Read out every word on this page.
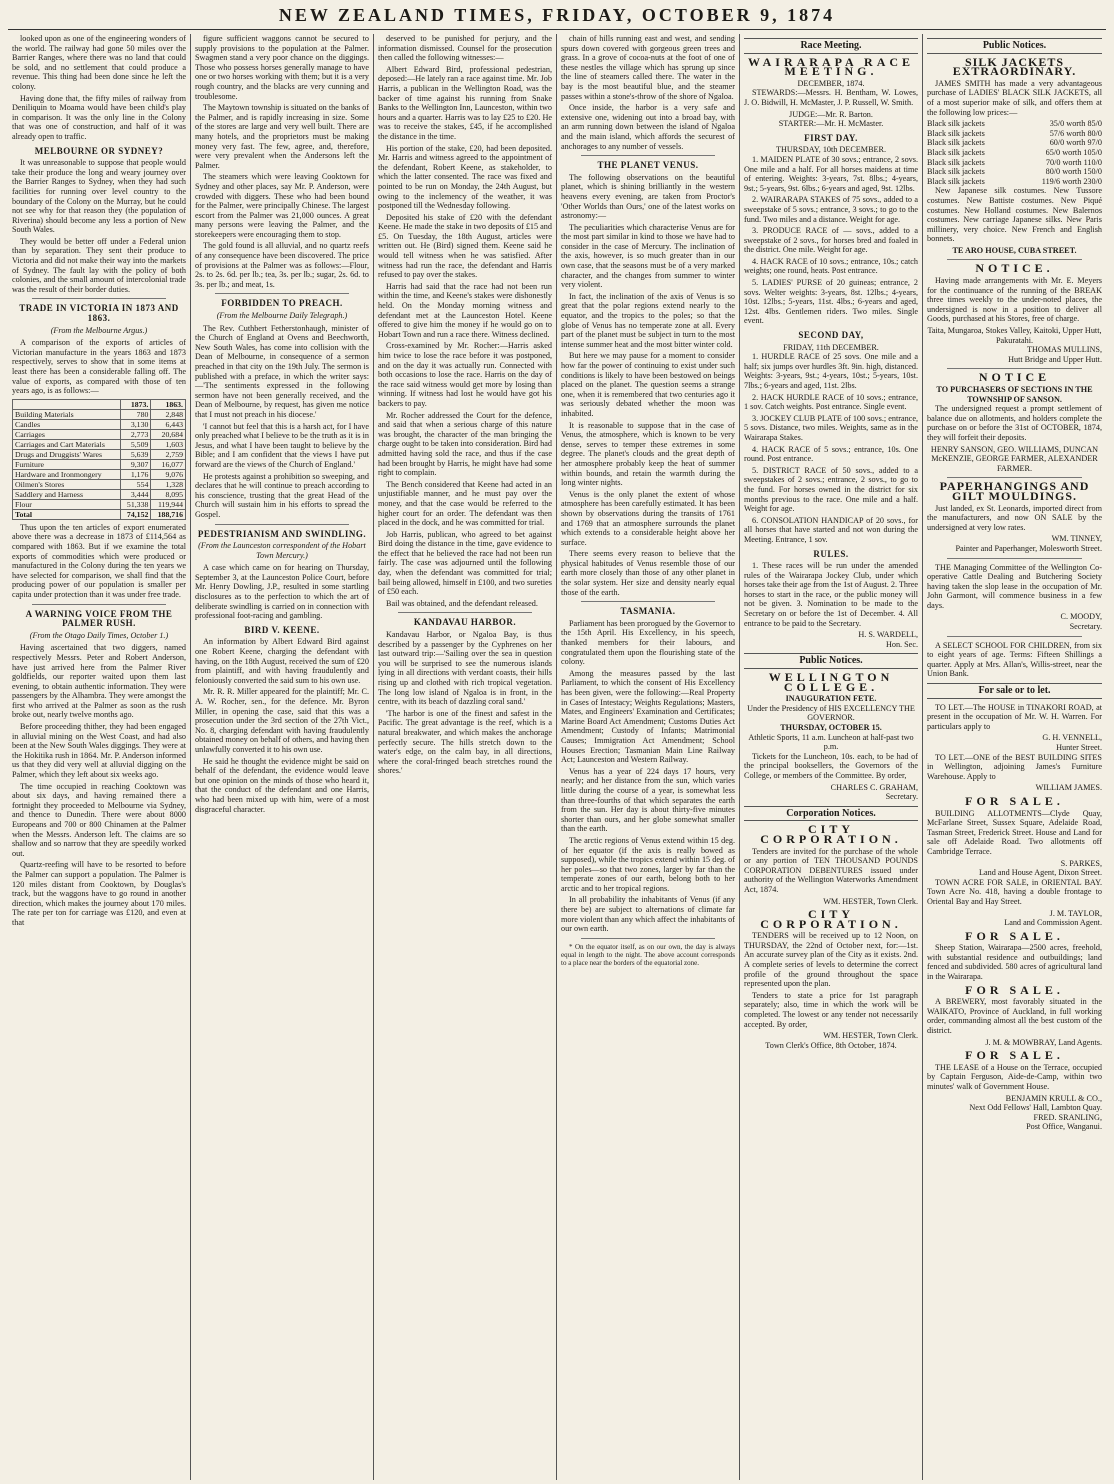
NEW ZEALAND TIMES, FRIDAY, OCTOBER 9, 1874

looked upon as one of the engineering wonders of the world. The railway had gone 50 miles over the Barrier Ranges, where there was no land that could be sold, and no settlement that could produce a revenue. This thing had been done since he left the colony.

Having done that, the fifty miles of railway from Deniliquin to Moama would have been child's play in comparison. It was the only line in the Colony that was one of construction, and half of it was already open to traffic.

MELBOURNE OR SYDNEY?

It was unreasonable to suppose that people would take their produce the long and weary journey over the Barrier Ranges to Sydney, when they had such facilities for running over level country to the boundary of the Colony on the Murray, but he could not see why for that reason they (the population of Riverina) should become any less a portion of New South Wales.

They would be better off under a Federal union than by separation. They sent their produce to Victoria and did not make their way into the markets of Sydney. The fault lay with the policy of both colonies, and the small amount of intercolonial trade was the result of their border duties.

TRADE IN VICTORIA IN 1873 AND 1863.
(From the Melbourne Argus.)

A comparison of the exports of articles of Victorian manufacture in the years 1863 and 1873 respectively, serves to show that in some items at least there has been a considerable falling off. The value of exports, as compared with those of ten years ago, is as follows:—

	1873.	1863.
Building Materials	780	2,848
Candles	3,130	6,443
Carriages	2,773	20,684
Carriages and Cart Materials	5,509	1,603
Drugs and Druggists' Wares	5,639	2,759
Furniture	9,307	16,077
Hardware and Ironmongery	1,176	9,076
Oilmen's Stores	554	1,328
Saddlery and Harness	3,444	8,095
Flour	51,338	119,944
Total	74,152	188,716

Thus upon the ten articles of export enumerated above there was a decrease in 1873 of £114,564 as compared with 1863. But if we examine the total exports of commodities which were produced or manufactured in the Colony during the ten years we have selected for comparison, we shall find that the producing power of our population is smaller per capita under protection than it was under free trade.

A WARNING VOICE FROM THE PALMER RUSH.
(From the Otago Daily Times, October 1.)

Having ascertained that two diggers, named respectively Messrs. Peter and Robert Anderson, have just arrived here from the Palmer River goldfields, our reporter waited upon them last evening, to obtain authentic information. They were passengers by the Alhambra. They were amongst the first who arrived at the Palmer as soon as the rush broke out, nearly twelve months ago.

Before proceeding thither, they had been engaged in alluvial mining on the West Coast, and had also been at the New South Wales diggings. They were at the Hokitika rush in 1864. Mr. P. Anderson informed us that they did very well at alluvial digging on the Palmer, which they left about six weeks ago.

The time occupied in reaching Cooktown was about six days, and having remained there a fortnight they proceeded to Melbourne via Sydney, and thence to Dunedin. There were about 8000 Europeans and 700 or 800 Chinamen at the Palmer when the Messrs. Anderson left. The claims are so shallow and so narrow that they are speedily worked out.

Quartz-reefing will have to be resorted to before the Palmer can support a population. The Palmer is 120 miles distant from Cooktown, by Douglas's track, but the waggons have to go round in another direction, which makes the journey about 170 miles. The rate per ton for carriage was £120, and even at that

figure sufficient waggons cannot be secured to supply provisions to the population at the Palmer. Swagmen stand a very poor chance on the diggings. Those who possess horses generally manage to have one or two horses working with them; but it is a very rough country, and the blacks are very cunning and troublesome.

The Maytown township is situated on the banks of the Palmer, and is rapidly increasing in size. Some of the stores are large and very well built. There are many hotels, and the proprietors must be making money very fast. The few, agree, and, therefore, were very prevalent when the Andersons left the Palmer.

The steamers which were leaving Cooktown for Sydney and other places, say Mr. P. Anderson, were crowded with diggers. These who had been bound for the Palmer, were principally Chinese. The largest escort from the Palmer was 21,000 ounces. A great many persons were leaving the Palmer, and the storekeepers were encouraging them to stop.

The gold found is all alluvial, and no quartz reefs of any consequence have been discovered. The price of provisions at the Palmer was as follows:—Flour, 2s. to 2s. 6d. per lb.; tea, 3s. per lb.; sugar, 2s. 6d. to 3s. per lb.; and meat, 1s.

FORBIDDEN TO PREACH.
(From the Melbourne Daily Telegraph.)

The Rev. Cuthbert Fetherstonhaugh, minister of the Church of England at Ovens and Beechworth, New South Wales, has come into collision with the Dean of Melbourne, in consequence of a sermon preached in that city on the 19th July. The sermon is published with a preface, in which the writer says:—'The sentiments expressed in the following sermon have not been generally received, and the Dean of Melbourne, by request, has given me notice that I must not preach in his diocese.'

'I cannot but feel that this is a harsh act, for I have only preached what I believe to be the truth as it is in Jesus, and what I have been taught to believe by the Bible; and I am confident that the views I have put forward are the views of the Church of England.'

He protests against a prohibition so sweeping, and declares that he will continue to preach according to his conscience, trusting that the great Head of the Church will sustain him in his efforts to spread the Gospel.

PEDESTRIANISM AND SWINDLING.
(From the Launceston correspondent of the Hobart Town Mercury.)

A case which came on for hearing on Thursday, September 3, at the Launceston Police Court, before Mr. Henry Dowling, J.P., resulted in some startling disclosures as to the perfection to which the art of deliberate swindling is carried on in connection with professional foot-racing and gambling.

BIRD V. KEENE.

An information by Albert Edward Bird against one Robert Keene, charging the defendant with having, on the 18th August, received the sum of £20 from plaintiff, and with having fraudulently and feloniously converted the said sum to his own use.

Mr. R. R. Miller appeared for the plaintiff; Mr. C. A. W. Rocher, sen., for the defence. Mr. Byron Miller, in opening the case, said that this was a prosecution under the 3rd section of the 27th Vict., No. 8, charging defendant with having fraudulently obtained money on behalf of others, and having then unlawfully converted it to his own use.

He said he thought the evidence might be said on behalf of the defendant, the evidence would leave but one opinion on the minds of those who heard it, that the conduct of the defendant and one Harris, who had been mixed up with him, were of a most disgraceful character.

deserved to be punished for perjury, and the information dismissed. Counsel for the prosecution then called the following witnesses:—

Albert Edward Bird, professional pedestrian, deposed:—He lately ran a race against time. Mr. Job Harris, a publican in the Wellington Road, was the backer of time against his running from Snake Banks to the Wellington Inn, Launceston, within two hours and a quarter. Harris was to lay £25 to £20. He was to receive the stakes, £45, if he accomplished the distance in the time.

His portion of the stake, £20, had been deposited. Mr. Harris and witness agreed to the appointment of the defendant, Robert Keene, as stakeholder, to which the latter consented. The race was fixed and pointed to be run on Monday, the 24th August, but owing to the inclemency of the weather, it was postponed till the Wednesday following.

Deposited his stake of £20 with the defendant Keene. He made the stake in two deposits of £15 and £5. On Tuesday, the 18th August, articles were written out. He (Bird) signed them. Keene said he would tell witness when he was satisfied. After witness had run the race, the defendant and Harris refused to pay over the stakes.

Harris had said that the race had not been run within the time, and Keene's stakes were dishonestly held. On the Monday morning witness and defendant met at the Launceston Hotel. Keene offered to give him the money if he would go on to Hobart Town and run a race there. Witness declined.

Cross-examined by Mr. Rocher:—Harris asked him twice to lose the race before it was postponed, and on the day it was actually run. Connected with both occasions to lose the race. Harris on the day of the race said witness would get more by losing than winning. If witness had lost he would have got his backers to pay.

Mr. Rocher addressed the Court for the defence, and said that when a serious charge of this nature was brought, the character of the man bringing the charge ought to be taken into consideration. Bird had admitted having sold the race, and thus if the case had been brought by Harris, he might have had some right to complain.

The Bench considered that Keene had acted in an unjustifiable manner, and he must pay over the money, and that the case would be referred to the higher court for an order. The defendant was then placed in the dock, and he was committed for trial.

Job Harris, publican, who agreed to bet against Bird doing the distance in the time, gave evidence to the effect that he believed the race had not been run fairly. The case was adjourned until the following day, when the defendant was committed for trial; bail being allowed, himself in £100, and two sureties of £50 each.

Bail was obtained, and the defendant released.

KANDAVAU HARBOR.

Kandavau Harbor, or Ngaloa Bay, is thus described by a passenger by the Cyphrenes on her last outward trip:—'Sailing over the sea in question you will be surprised to see the numerous islands lying in all directions with verdant coasts, their hills rising up and clothed with rich tropical vegetation. The long low island of Ngaloa is in front, in the centre, with its beach of dazzling coral sand.'

'The harbor is one of the finest and safest in the Pacific. The great advantage is the reef, which is a natural breakwater, and which makes the anchorage perfectly secure. The hills stretch down to the water's edge, on the calm bay, in all directions, where the coral-fringed beach stretches round the shores.'

chain of hills running east and west, and sending spurs down covered with gorgeous green trees and grass. In a grove of cocoa-nuts at the foot of one of these nestles the village which has sprung up since the line of steamers called there. The water in the bay is the most beautiful blue, and the steamer passes within a stone's-throw of the shore of Ngaloa.

Once inside, the harbor is a very safe and extensive one, widening out into a broad bay, with an arm running down between the island of Ngaloa and the main island, which affords the securest of anchorages to any number of vessels.

THE PLANET VENUS.

The following observations on the beautiful planet, which is shining brilliantly in the western heavens every evening, are taken from Proctor's 'Other Worlds than Ours,' one of the latest works on astronomy:—

The peculiarities which characterise Venus are for the most part similar in kind to those we have had to consider in the case of Mercury. The inclination of the axis, however, is so much greater than in our own case, that the seasons must be of a very marked character, and the changes from summer to winter very violent.

In fact, the inclination of the axis of Venus is so great that the polar regions extend nearly to the equator, and the tropics to the poles; so that the globe of Venus has no temperate zone at all. Every part of the planet must be subject in turn to the most intense summer heat and the most bitter winter cold.

But here we may pause for a moment to consider how far the power of continuing to exist under such conditions is likely to have been bestowed on beings placed on the planet. The question seems a strange one, when it is remembered that two centuries ago it was seriously debated whether the moon was inhabited.

It is reasonable to suppose that in the case of Venus, the atmosphere, which is known to be very dense, serves to temper these extremes in some degree. The planet's clouds and the great depth of her atmosphere probably keep the heat of summer within bounds, and retain the warmth during the long winter nights.

Venus is the only planet the extent of whose atmosphere has been carefully estimated. It has been shown by observations during the transits of 1761 and 1769 that an atmosphere surrounds the planet which extends to a considerable height above her surface.

There seems every reason to believe that the physical habitudes of Venus resemble those of our earth more closely than those of any other planet in the solar system. Her size and density nearly equal those of the earth.

TASMANIA.

Parliament has been prorogued by the Governor to the 15th April. His Excellency, in his speech, thanked members for their labours, and congratulated them upon the flourishing state of the colony.

Among the measures passed by the last Parliament, to which the consent of His Excellency has been given, were the following:—Real Property in Cases of Intestacy; Weights Regulations; Masters, Mates, and Engineers' Examination and Certificates; Marine Board Act Amendment; Customs Duties Act Amendment; Custody of Infants; Matrimonial Causes; Immigration Act Amendment; School Houses Erection; Tasmanian Main Line Railway Act; Launceston and Western Railway.

Venus has a year of 224 days 17 hours, very nearly; and her distance from the sun, which varies little during the course of a year, is somewhat less than three-fourths of that which separates the earth from the sun. Her day is about thirty-five minutes shorter than ours, and her globe somewhat smaller than the earth.

The arctic regions of Venus extend within 15 deg. of her equator (if the axis is really bowed as supposed), while the tropics extend within 15 deg. of her poles—so that two zones, larger by far than the temperate zones of our earth, belong both to her arctic and to her tropical regions.

In all probability the inhabitants of Venus (if any there be) are subject to alternations of climate far more violent than any which affect the inhabitants of our own earth.

* On the equator itself, as on our own, the day is always equal in length to the night. The above account corresponds to a place near the borders of the equatorial zone.

Race Meeting.
WAIRARAPA RACE MEETING.
DECEMBER, 1874.

STEWARDS:—Messrs. H. Bentham, W. Lowes, J. O. Bidwill, H. McMaster, J. P. Russell, W. Smith.

JUDGE:—Mr. R. Barton.
STARTER:—Mr. H. McMaster.
FIRST DAY.
THURSDAY, 10th DECEMBER.

1. MAIDEN PLATE of 30 sovs.; entrance, 2 sovs. One mile and a half. For all horses maidens at time of entering. Weights: 3-years, 7st. 8lbs.; 4-years, 9st.; 5-years, 9st. 6lbs.; 6-years and aged, 9st. 12lbs.

2. WAIRARAPA STAKES of 75 sovs., added to a sweepstake of 5 sovs.; entrance, 3 sovs.; to go to the fund. Two miles and a distance. Weight for age.

3. PRODUCE RACE of — sovs., added to a sweepstake of 2 sovs., for horses bred and foaled in the district. One mile. Weight for age.

4. HACK RACE of 10 sovs.; entrance, 10s.; catch weights; one round, heats. Post entrance.

5. LADIES' PURSE of 20 guineas; entrance, 2 sovs. Welter weights: 3-years, 8st. 12lbs.; 4-years, 10st. 12lbs.; 5-years, 11st. 4lbs.; 6-years and aged, 12st. 4lbs. Gentlemen riders. Two miles. Single event.

SECOND DAY,
FRIDAY, 11th DECEMBER.

1. HURDLE RACE of 25 sovs. One mile and a half; six jumps over hurdles 3ft. 9in. high, distanced. Weights: 3-years, 9st.; 4-years, 10st.; 5-years, 10st. 7lbs.; 6-years and aged, 11st. 2lbs.

2. HACK HURDLE RACE of 10 sovs.; entrance, 1 sov. Catch weights. Post entrance. Single event.

3. JOCKEY CLUB PLATE of 100 sovs.; entrance, 5 sovs. Distance, two miles. Weights, same as in the Wairarapa Stakes.

4. HACK RACE of 5 sovs.; entrance, 10s. One round. Post entrance.

5. DISTRICT RACE of 50 sovs., added to a sweepstakes of 2 sovs.; entrance, 2 sovs., to go to the fund. For horses owned in the district for six months previous to the race. One mile and a half. Weight for age.

6. CONSOLATION HANDICAP of 20 sovs., for all horses that have started and not won during the Meeting. Entrance, 1 sov.

RULES.

1. These races will be run under the amended rules of the Wairarapa Jockey Club, under which horses take their age from the 1st of August. 2. Three horses to start in the race, or the public money will not be given. 3. Nomination to be made to the Secretary on or before the 1st of December. 4. All entrance to be paid to the Secretary.

H. S. WARDELL,
Hon. Sec.
Public Notices.
WELLINGTON COLLEGE.
INAUGURATION FETE.
Under the Presidency of HIS EXCELLENCY THE GOVERNOR.
THURSDAY, OCTOBER 15.
Athletic Sports, 11 a.m. Luncheon at half-past two p.m.

Tickets for the Luncheon, 10s. each, to be had of the principal booksellers, the Governors of the College, or members of the Committee. By order,

CHARLES C. GRAHAM,
Secretary.
Corporation Notices.
CITY CORPORATION.

Tenders are invited for the purchase of the whole or any portion of TEN THOUSAND POUNDS CORPORATION DEBENTURES issued under authority of the Wellington Waterworks Amendment Act, 1874.

WM. HESTER, Town Clerk.
CITY CORPORATION.

TENDERS will be received up to 12 Noon, on THURSDAY, the 22nd of October next, for:—1st. An accurate survey plan of the City as it exists. 2nd. A complete series of levels to determine the correct profile of the ground throughout the space represented upon the plan.

Tenders to state a price for 1st paragraph separately; also, time in which the work will be completed. The lowest or any tender not necessarily accepted. By order,

WM. HESTER, Town Clerk.
Town Clerk's Office, 8th October, 1874.
Public Notices.
SILK JACKETS EXTRAORDINARY.

JAMES SMITH has made a very advantageous purchase of LADIES' BLACK SILK JACKETS, all of a most superior make of silk, and offers them at the following low prices:—

Black silk jackets	35/0 worth 85/0
Black silk jackets	57/6 worth 80/0
Black silk jackets	60/0 worth 97/0
Black silk jackets	65/0 worth 105/0
Black silk jackets	70/0 worth 110/0
Black silk jackets	80/0 worth 150/0
Black silk jackets	119/6 worth 230/0

New Japanese silk costumes. New Tussore costumes. New Battiste costumes. New Piqué costumes. New Holland costumes. New Balernos costumes. New carriage Japanese silks. New Paris millinery, very choice. New French and English bonnets.

TE ARO HOUSE, CUBA STREET.
NOTICE.

Having made arrangements with Mr. E. Meyers for the continuance of the running of the BREAK three times weekly to the under-noted places, the undersigned is now in a position to deliver all Goods, purchased at his Stores, free of charge.

Taita, Mungaroa, Stokes Valley, Kaitoki, Upper Hutt, Pakuratahi.
THOMAS MULLINS,
Hutt Bridge and Upper Hutt.
NOTICE
TO PURCHASERS OF SECTIONS IN THE TOWNSHIP OF SANSON.

The undersigned request a prompt settlement of balance due on allotments, and holders complete the purchase on or before the 31st of OCTOBER, 1874, they will forfeit their deposits.

HENRY SANSON, GEO. WILLIAMS, DUNCAN McKENZIE, GEORGE FARMER, ALEXANDER FARMER.
PAPERHANGINGS AND GILT MOULDINGS.

Just landed, ex St. Leonards, imported direct from the manufacturers, and now ON SALE by the undersigned at very low rates.

WM. TINNEY,
Painter and Paperhanger, Molesworth Street.

THE Managing Committee of the Wellington Co-operative Cattle Dealing and Butchering Society having taken the slop lease in the occupation of Mr. John Garmont, will commence business in a few days.

C. MOODY,
Secretary.

A SELECT SCHOOL FOR CHILDREN, from six to eight years of age. Terms: Fifteen Shillings a quarter. Apply at Mrs. Allan's, Willis-street, near the Union Bank.

For sale or to let.

TO LET.—The HOUSE in TINAKORI ROAD, at present in the occupation of Mr. W. H. Warren. For particulars apply to

G. H. VENNELL,
Hunter Street.

TO LET.—ONE of the BEST BUILDING SITES in Wellington, adjoining James's Furniture Warehouse. Apply to

WILLIAM JAMES.
FOR SALE.

BUILDING ALLOTMENTS—Clyde Quay, McFarlane Street, Sussex Square, Adelaide Road, Tasman Street, Frederick Street. House and Land for sale off Adelaide Road. Two allotments off Cambridge Terrace.

S. PARKES,
Land and House Agent, Dixon Street.

TOWN ACRE FOR SALE, in ORIENTAL BAY. Town Acre No. 418, having a double frontage to Oriental Bay and Hay Street.

J. M. TAYLOR,
Land and Commission Agent.
FOR SALE.

Sheep Station, Wairarapa—2500 acres, freehold, with substantial residence and outbuildings; land fenced and subdivided. 580 acres of agricultural land in the Wairarapa.

FOR SALE.

A BREWERY, most favorably situated in the WAIKATO, Province of Auckland, in full working order, commanding almost all the best custom of the district.

J. M. & MOWBRAY, Land Agents.
FOR SALE.

THE LEASE of a House on the Terrace, occupied by Captain Ferguson, Aide-de-Camp, within two minutes' walk of Government House.

BENJAMIN KRULL & CO.,
Next Odd Fellows' Hall, Lambton Quay.
FRED. SRANLING,
Post Office, Wanganui.
